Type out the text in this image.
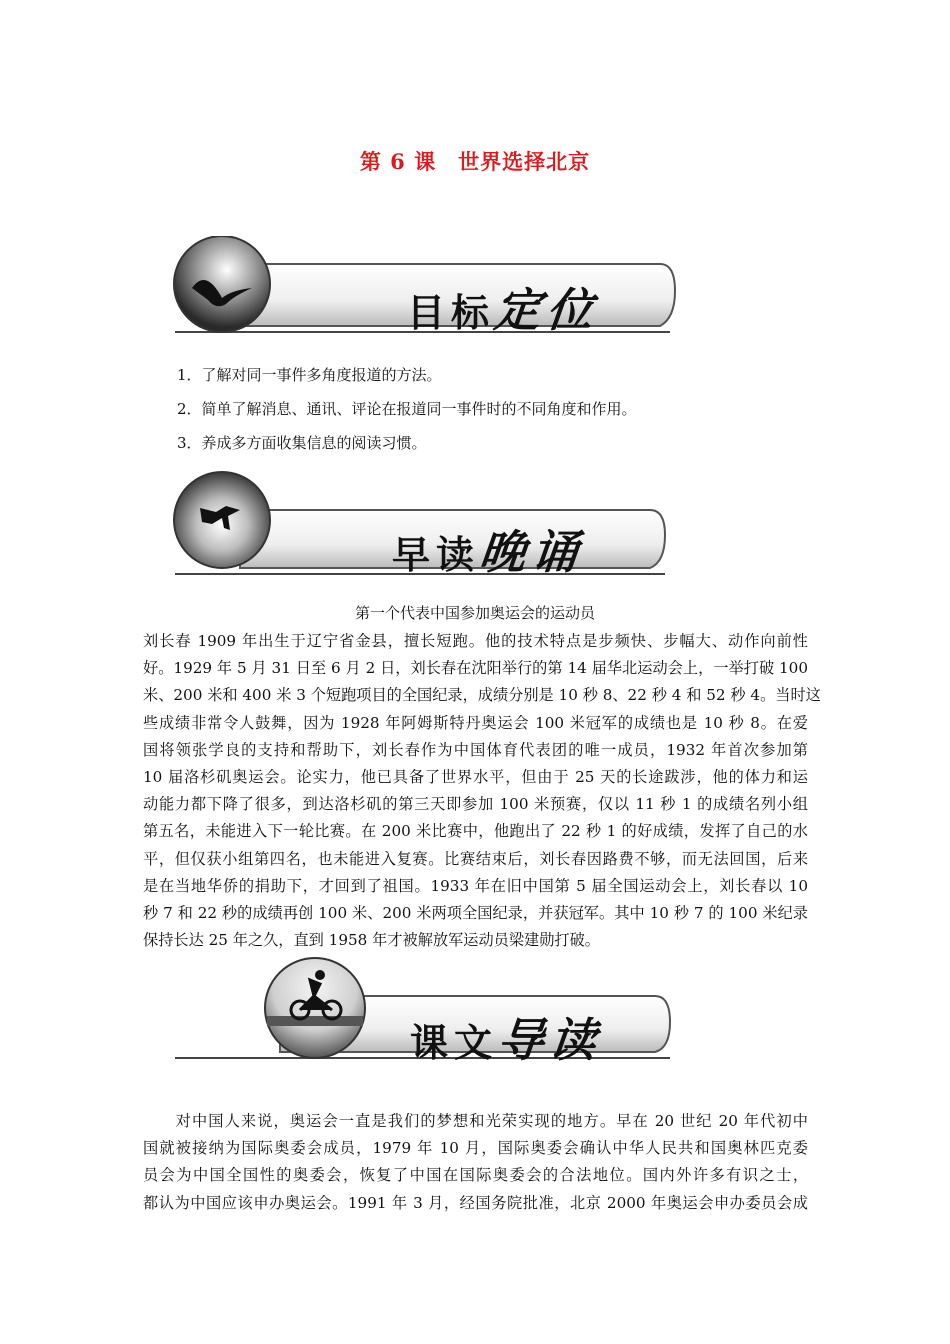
第 6 课 世界选择北京
目标定位
1．了解对同一事件多角度报道的方法。
2．简单了解消息、通讯、评论在报道同一事件时的不同角度和作用。
3．养成多方面收集信息的阅读习惯。
早读晚诵
第一个代表中国参加奥运会的运动员
刘长春 1909 年出生于辽宁省金县，擅长短跑。他的技术特点是步频快、步幅大、动作向前性
好。1929 年 5 月 31 日至 6 月 2 日，刘长春在沈阳举行的第 14 届华北运动会上，一举打破 100
米、200 米和 400 米 3 个短跑项目的全国纪录，成绩分别是 10 秒 8、22 秒 4 和 52 秒 4。当时这
些成绩非常令人鼓舞，因为 1928 年阿姆斯特丹奥运会 100 米冠军的成绩也是 10 秒 8。在爱
国将领张学良的支持和帮助下，刘长春作为中国体育代表团的唯一成员，1932 年首次参加第
10 届洛杉矶奥运会。论实力，他已具备了世界水平，但由于 25 天的长途跋涉，他的体力和运
动能力都下降了很多，到达洛杉矶的第三天即参加 100 米预赛，仅以 11 秒 1 的成绩名列小组
第五名，未能进入下一轮比赛。在 200 米比赛中，他跑出了 22 秒 1 的好成绩，发挥了自己的水
平，但仅获小组第四名，也未能进入复赛。比赛结束后，刘长春因路费不够，而无法回国，后来
是在当地华侨的捐助下，才回到了祖国。1933 年在旧中国第 5 届全国运动会上，刘长春以 10
秒 7 和 22 秒的成绩再创 100 米、200 米两项全国纪录，并获冠军。其中 10 秒 7 的 100 米纪录
保持长达 25 年之久，直到 1958 年才被解放军运动员梁建勋打破。
课文导读
　　对中国人来说，奥运会一直是我们的梦想和光荣实现的地方。早在 20 世纪 20 年代初中
国就被接纳为国际奥委会成员，1979 年 10 月，国际奥委会确认中华人民共和国奥林匹克委
员会为中国全国性的奥委会，恢复了中国在国际奥委会的合法地位。国内外许多有识之士，
都认为中国应该申办奥运会。1991 年 3 月，经国务院批准，北京 2000 年奥运会申办委员会成
